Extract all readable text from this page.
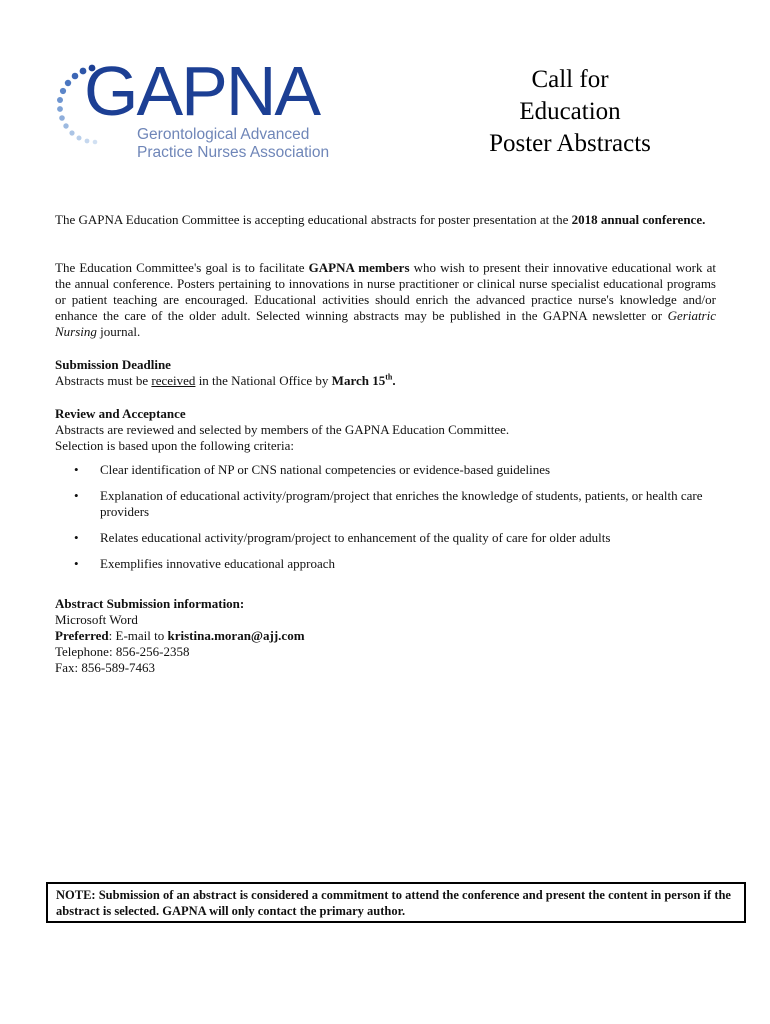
GAPNA
Gerontological Advanced
Practice Nurses Association
Call for
Education
Poster Abstracts

The GAPNA Education Committee is accepting educational abstracts for poster presentation at the 2018 annual conference.

The Education Committee's goal is to facilitate GAPNA members who wish to present their innovative educational work at the annual conference. Posters pertaining to innovations in nurse practitioner or clinical nurse specialist educational programs or patient teaching are encouraged. Educational activities should enrich the advanced practice nurse's knowledge and/or enhance the care of the older adult. Selected winning abstracts may be published in the GAPNA newsletter or Geriatric Nursing journal.

Submission Deadline
Abstracts must be received in the National Office by March 15th.
Review and Acceptance
Abstracts are reviewed and selected by members of the GAPNA Education Committee.
Selection is based upon the following criteria:
• Clear identification of NP or CNS national competencies or evidence-based guidelines
• Explanation of educational activity/program/project that enriches the knowledge of students, patients, or health care providers
• Relates educational activity/program/project to enhancement of the quality of care for older adults
• Exemplifies innovative educational approach
Abstract Submission information:
Microsoft Word
Preferred: E-mail to kristina.moran@ajj.com
Telephone: 856-256-2358
Fax: 856-589-7463
NOTE: Submission of an abstract is considered a commitment to attend the conference and present the content in person if the abstract is selected. GAPNA will only contact the primary author.
